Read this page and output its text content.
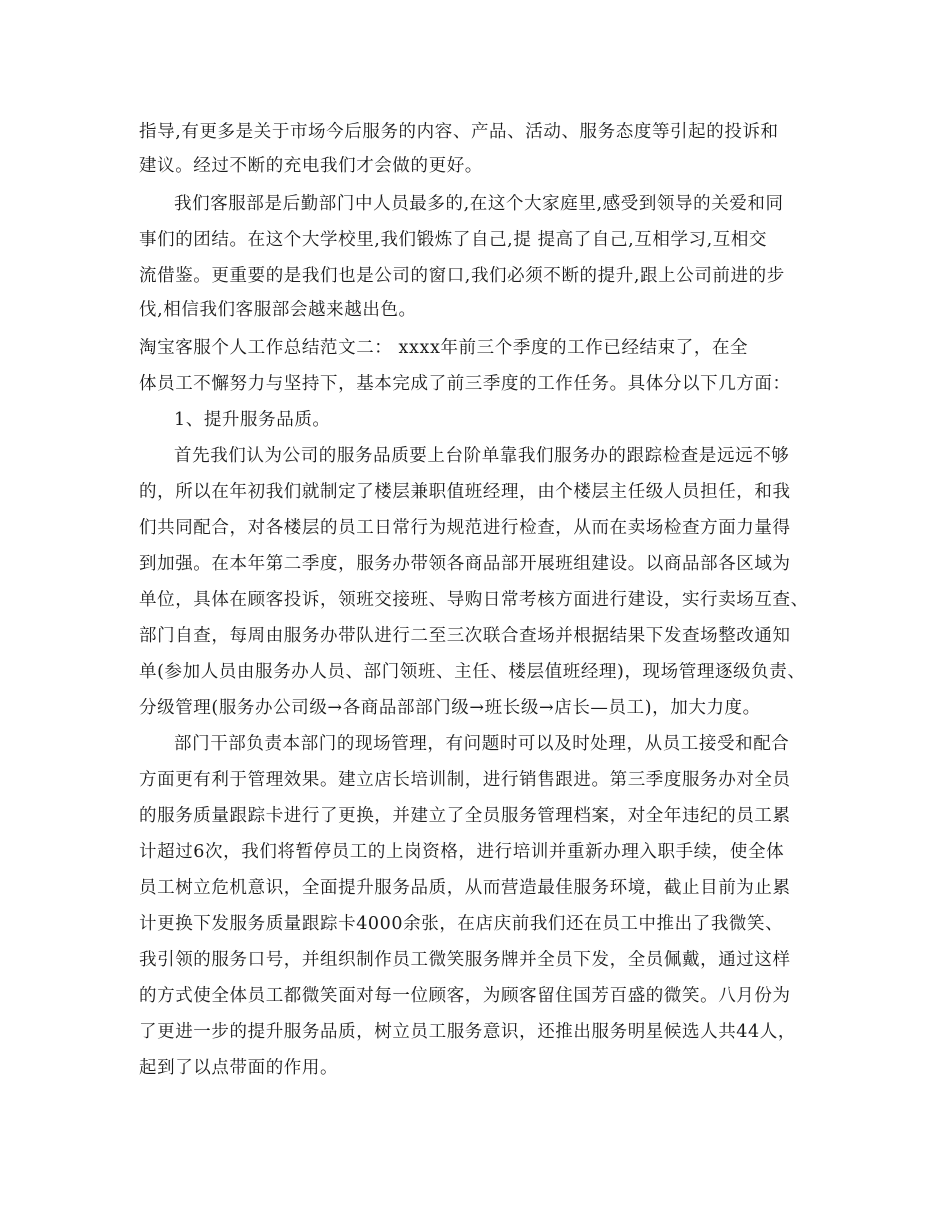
指导,有更多是关于市场今后服务的内容、产品、活动、服务态度等引起的投诉和
建议。经过不断的充电我们才会做的更好。
我们客服部是后勤部门中人员最多的,在这个大家庭里,感受到领导的关爱和同
事们的团结。在这个大学校里,我们锻炼了自己,提 提高了自己,互相学习,互相交
流借鉴。更重要的是我们也是公司的窗口,我们必须不断的提升,跟上公司前进的步
伐,相信我们客服部会越来越出色。
淘宝客服个人工作总结范文二： xxxx年前三个季度的工作已经结束了，在全
体员工不懈努力与坚持下，基本完成了前三季度的工作任务。具体分以下几方面：
1、提升服务品质。
首先我们认为公司的服务品质要上台阶单靠我们服务办的跟踪检查是远远不够
的，所以在年初我们就制定了楼层兼职值班经理，由个楼层主任级人员担任，和我
们共同配合，对各楼层的员工日常行为规范进行检查，从而在卖场检查方面力量得
到加强。在本年第二季度，服务办带领各商品部开展班组建设。以商品部各区域为
单位，具体在顾客投诉，领班交接班、导购日常考核方面进行建设，实行卖场互查、
部门自查，每周由服务办带队进行二至三次联合查场并根据结果下发查场整改通知
单(参加人员由服务办人员、部门领班、主任、楼层值班经理)，现场管理逐级负责、
分级管理(服务办公司级→各商品部部门级→班长级→店长—员工)，加大力度。
部门干部负责本部门的现场管理，有问题时可以及时处理，从员工接受和配合
方面更有利于管理效果。建立店长培训制，进行销售跟进。第三季度服务办对全员
的服务质量跟踪卡进行了更换，并建立了全员服务管理档案，对全年违纪的员工累
计超过6次，我们将暂停员工的上岗资格，进行培训并重新办理入职手续，使全体
员工树立危机意识，全面提升服务品质，从而营造最佳服务环境，截止目前为止累
计更换下发服务质量跟踪卡4000余张，在店庆前我们还在员工中推出了我微笑、
我引领的服务口号，并组织制作员工微笑服务牌并全员下发，全员佩戴，通过这样
的方式使全体员工都微笑面对每一位顾客，为顾客留住国芳百盛的微笑。八月份为
了更进一步的提升服务品质，树立员工服务意识，还推出服务明星候选人共44人，
起到了以点带面的作用。
